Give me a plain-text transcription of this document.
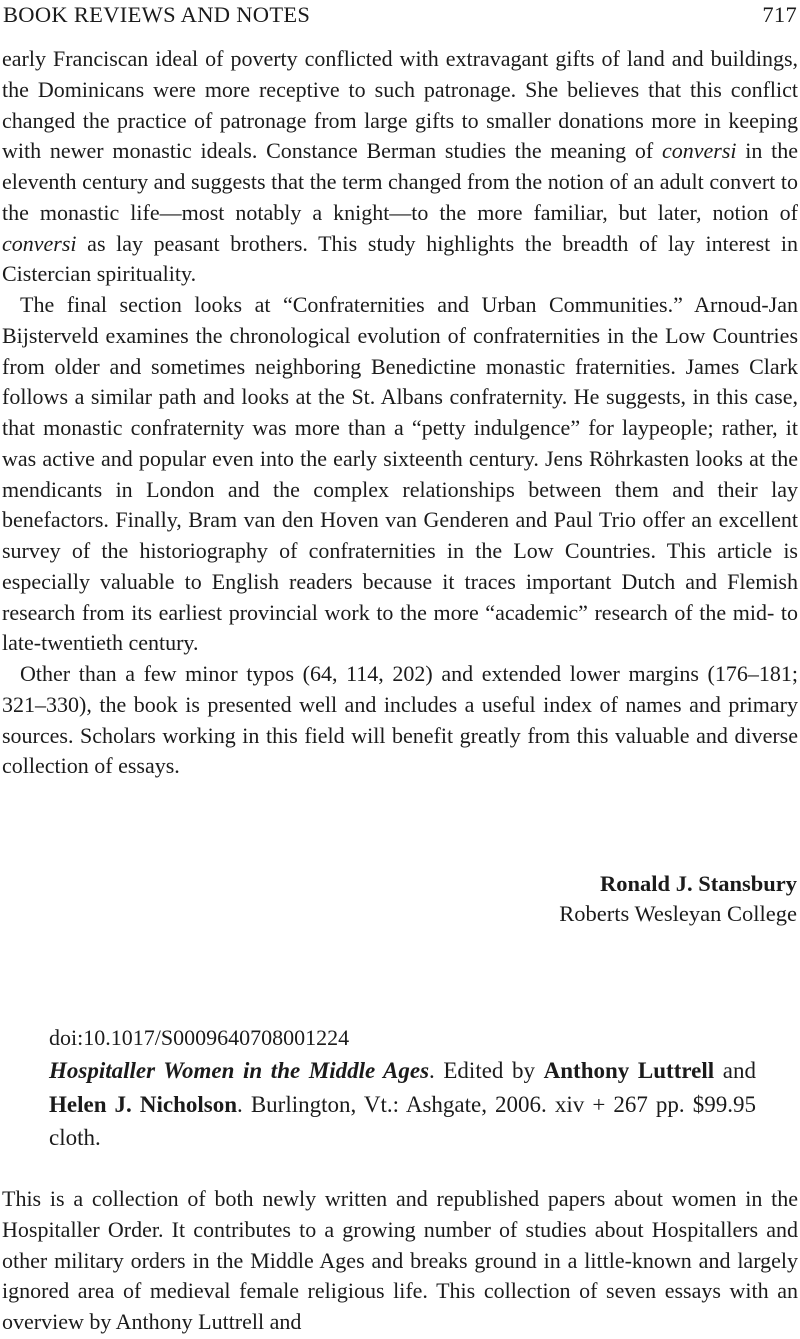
BOOK REVIEWS AND NOTES	717

early Franciscan ideal of poverty conflicted with extravagant gifts of land and buildings, the Dominicans were more receptive to such patronage. She believes that this conflict changed the practice of patronage from large gifts to smaller donations more in keeping with newer monastic ideals. Constance Berman studies the meaning of conversi in the eleventh century and suggests that the term changed from the notion of an adult convert to the monastic life—most notably a knight—to the more familiar, but later, notion of conversi as lay peasant brothers. This study highlights the breadth of lay interest in Cistercian spirituality.

The final section looks at “Confraternities and Urban Communities.” Arnoud-Jan Bijsterveld examines the chronological evolution of confraternities in the Low Countries from older and sometimes neighboring Benedictine monastic fraternities. James Clark follows a similar path and looks at the St. Albans confraternity. He suggests, in this case, that monastic confraternity was more than a “petty indulgence” for laypeople; rather, it was active and popular even into the early sixteenth century. Jens Röhrkasten looks at the mendicants in London and the complex relationships between them and their lay benefactors. Finally, Bram van den Hoven van Genderen and Paul Trio offer an excellent survey of the historiography of confraternities in the Low Countries. This article is especially valuable to English readers because it traces important Dutch and Flemish research from its earliest provincial work to the more “academic” research of the mid- to late-twentieth century.

Other than a few minor typos (64, 114, 202) and extended lower margins (176–181; 321–330), the book is presented well and includes a useful index of names and primary sources. Scholars working in this field will benefit greatly from this valuable and diverse collection of essays.

Ronald J. Stansbury
Roberts Wesleyan College
doi:10.1017/S0009640708001224

Hospitaller Women in the Middle Ages. Edited by Anthony Luttrell and Helen J. Nicholson. Burlington, Vt.: Ashgate, 2006. xiv + 267 pp. $99.95 cloth.

This is a collection of both newly written and republished papers about women in the Hospitaller Order. It contributes to a growing number of studies about Hospitallers and other military orders in the Middle Ages and breaks ground in a little-known and largely ignored area of medieval female religious life. This collection of seven essays with an overview by Anthony Luttrell and
